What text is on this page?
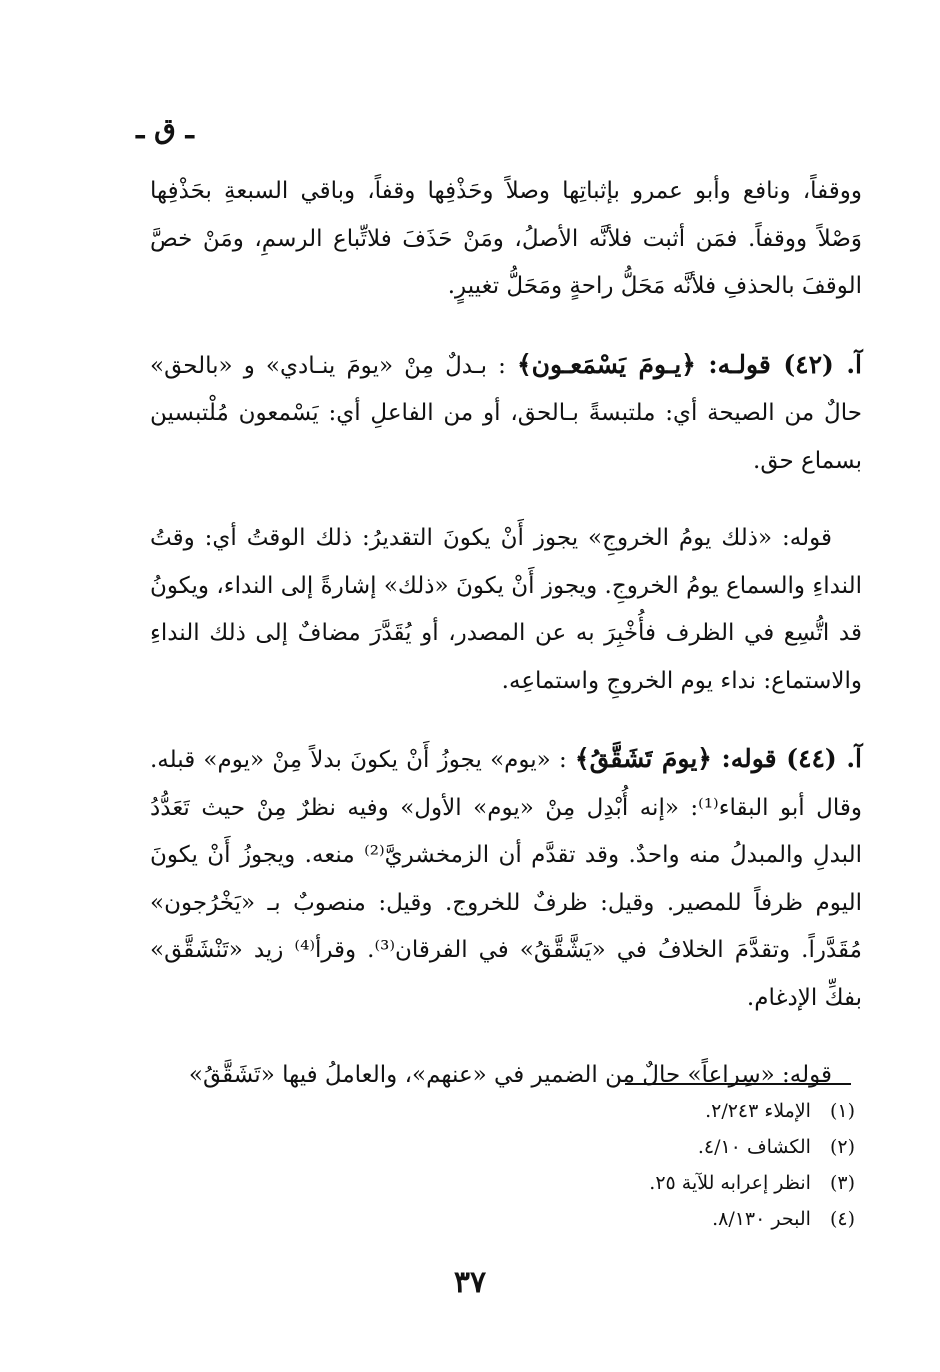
ـ ق ـ

ووقفاً، ونافع وأبو عمرو بإثباتِها وصلاً وحَذْفِها وقفاً، وباقي السبعةِ بحَذْفِها وَصْلاً ووقفاً. فمَن أثبت فلأنَّه الأصلُ، ومَنْ حَذَفَ فلاتِّباع الرسمِ، ومَنْ خصَّ الوقفَ بالحذفِ فلأنَّه مَحَلُّ راحةٍ ومَحَلُّ تغييرٍ.

آ. (٤٢) قولـه: ﴿يـومَ يَسْمَعـون﴾ : بـدلٌ مِنْ «يومَ ينـادي» و «بالحق» حالٌ من الصيحة أي: ملتبسةً بـالحق، أو من الفاعلِ أي: يَسْمعون مُلْتبسين بسماع حق.

قوله: «ذلك يومُ الخروجِ» يجوز أَنْ يكونَ التقديرُ: ذلك الوقتُ أي: وقتُ النداءِ والسماع يومُ الخروجِ. ويجوز أَنْ يكونَ «ذلك» إشارةً إلى النداء، ويكونُ قد اتُّسِع في الظرف فأُخْبِرَ به عن المصدر، أو يُقَدَّرَ مضافٌ إلى ذلك النداءِ والاستماع: نداء يوم الخروجِ واستماعِه.

آ. (٤٤) قوله: ﴿يومَ تَشَقَّقُ﴾ : «يوم» يجوزُ أَنْ يكونَ بدلاً مِنْ «يوم» قبله. وقال أبو البقاء⁽¹⁾: «إنه أُبْدِل مِنْ «يوم» الأول» وفيه نظرٌ مِنْ حيث تَعَدُّدُ البدلِ والمبدلُ منه واحدٌ. وقد تقدَّم أن الزمخشريَّ⁽²⁾ منعه. ويجوزُ أَنْ يكونَ اليوم ظرفاً للمصير. وقيل: ظرفٌ للخروج. وقيل: منصوبٌ بـ «يَخْرُجون» مُقَدَّراً. وتقدَّمَ الخلافُ في «يَشَّقَّقُ» في الفرقان⁽³⁾. وقرأ⁽⁴⁾ زيد «تَنْشَقَّق» بفكِّ الإدغام.

قوله: «سِراعاً» حالٌ من الضمير في «عنهم»، والعاملُ فيها «تَشَقَّقُ»

(١) الإملاء ٢/٢٤٣.
(٢) الكشاف ٤/١٠.
(٣) انظر إعرابه للآية ٢٥.
(٤) البحر ٨/١٣٠.
٣٧
